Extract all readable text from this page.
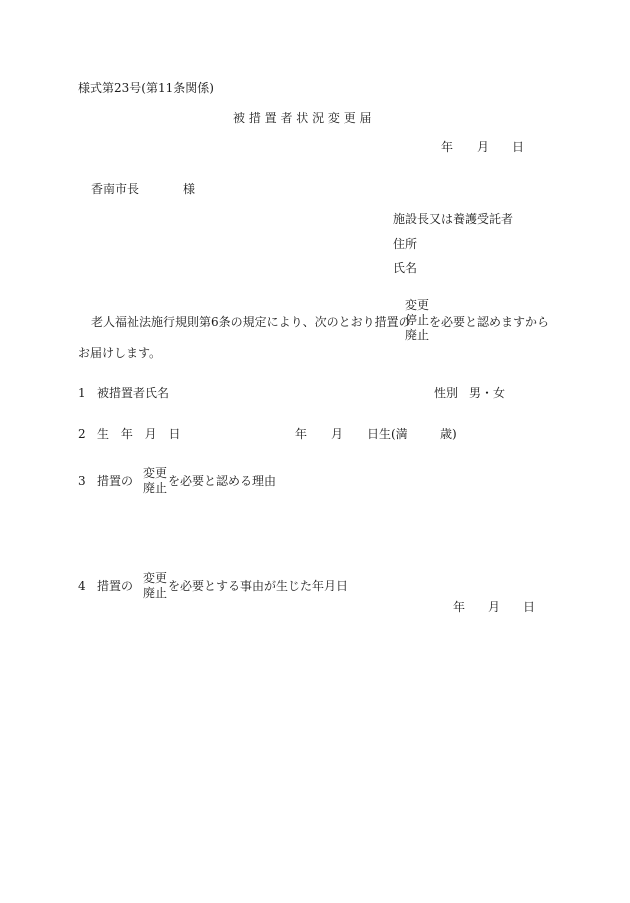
様式第23号(第11条関係)
被 措 置 者 状 況 変 更 届
年 月 日
香南市長	様
施設長又は養護受託者
住所
氏名
老人福祉法施行規則第6条の規定により、次のとおり措置の
変更
停止
廃止
を必要と認めますから
お届けします。
1 被措置者氏名	性別 男・女
2 生 年 月 日	年 月 日生(満	歳)
3 措置の
変更
廃止 を必要と認める理由
4 措置の
変更
廃止 を必要とする事由が生じた年月日
年 月 日
